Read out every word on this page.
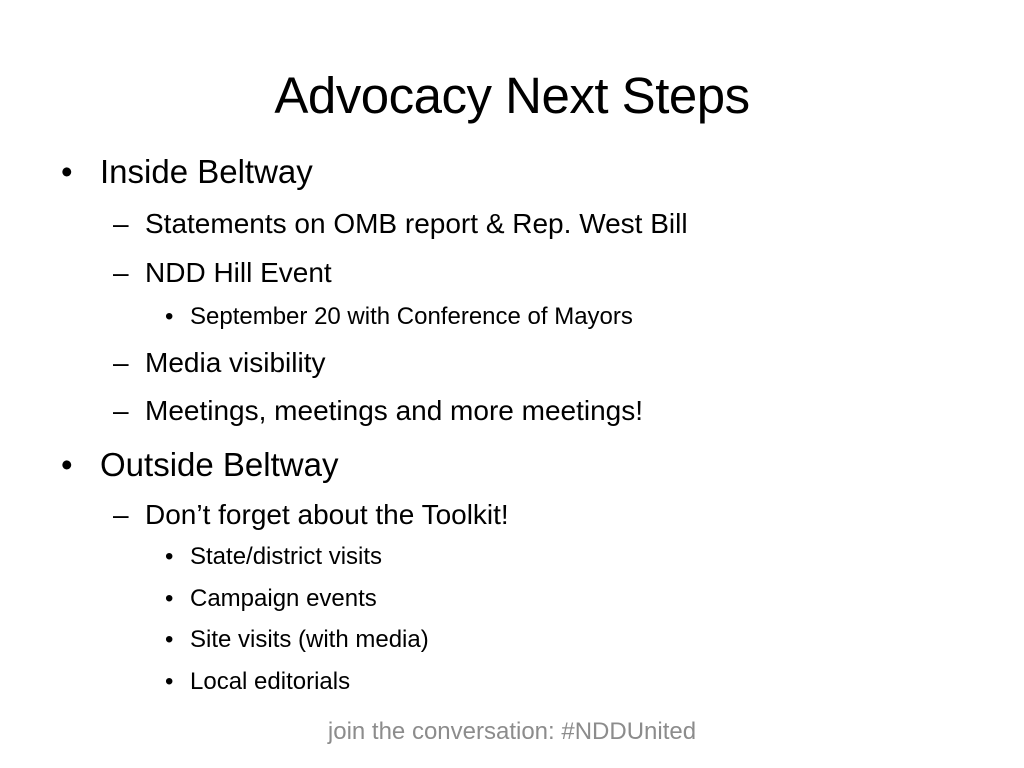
Advocacy Next Steps
• Inside Beltway
– Statements on OMB report & Rep. West Bill
– NDD Hill Event
• September 20 with Conference of Mayors
– Media visibility
– Meetings, meetings and more meetings!
• Outside Beltway
– Don’t forget about the Toolkit!
• State/district visits
• Campaign events
• Site visits (with media)
• Local editorials
join the conversation: #NDDUnited
